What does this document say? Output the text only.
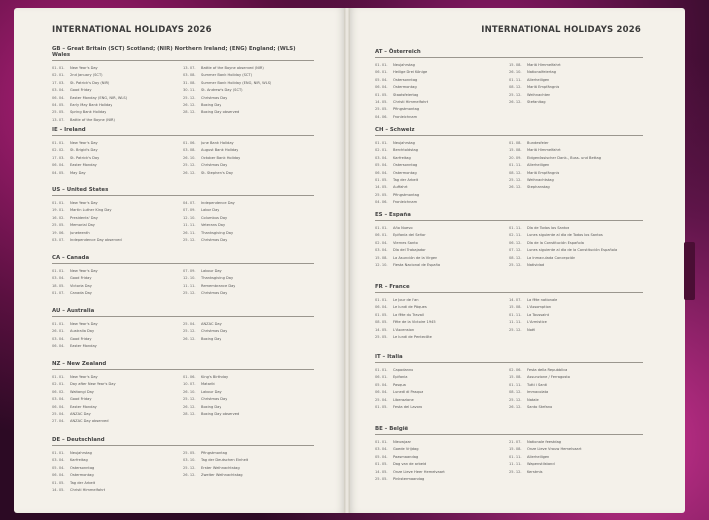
INTERNATIONAL HOLIDAYS 2026
GB – Great Britain (SCT) Scotland; (NIR) Northern Ireland; (ENG) England; (WLS) Wales
01. 01.	New Year's Day
02. 01.	2nd January (SCT)
17. 03.	St. Patrick's Day (NIR)
03. 04.	Good Friday
06. 04.	Easter Monday (ENG, NIR, WLS)
04. 05.	Early May Bank Holiday
25. 05.	Spring Bank Holiday
13. 07.	Battle of the Boyne (NIR)
13. 07.	Battle of the Boyne observed (NIR)
03. 08.	Summer Bank Holiday (SCT)
31. 08.	Summer Bank Holiday (ENG, NIR, WLS)
30. 11.	St. Andrew's Day (SCT)
25. 12.	Christmas Day
26. 12.	Boxing Day
28. 12.	Boxing Day observed
IE – Ireland
01. 01.	New Year's Day
02. 02.	St. Brigid's Day
17. 03.	St. Patrick's Day
06. 04.	Easter Monday
04. 05.	May Day
01. 06.	June Bank Holiday
03. 08.	August Bank Holiday
26. 10.	October Bank Holiday
25. 12.	Christmas Day
26. 12.	St. Stephen's Day
US – United States
01. 01.	New Year's Day
19. 01.	Martin Luther King Day
16. 02.	Presidents' Day
25. 05.	Memorial Day
19. 06.	Juneteenth
03. 07.	Independence Day observed
04. 07.	Independence Day
07. 09.	Labor Day
12. 10.	Columbus Day
11. 11.	Veterans Day
26. 11.	Thanksgiving Day
25. 12.	Christmas Day
CA – Canada
01. 01.	New Year's Day
03. 04.	Good Friday
18. 05.	Victoria Day
01. 07.	Canada Day
07. 09.	Labour Day
12. 10.	Thanksgiving Day
11. 11.	Remembrance Day
25. 12.	Christmas Day
AU – Australia
01. 01.	New Year's Day
26. 01.	Australia Day
03. 04.	Good Friday
06. 04.	Easter Monday
25. 04.	ANZAC Day
25. 12.	Christmas Day
26. 12.	Boxing Day
NZ – New Zealand
01. 01.	New Year's Day
02. 01.	Day after New Year's Day
06. 02.	Waitangi Day
03. 04.	Good Friday
06. 04.	Easter Monday
25. 04.	ANZAC Day
27. 04.	ANZAC Day observed
01. 06.	King's Birthday
10. 07.	Matariki
26. 10.	Labour Day
25. 12.	Christmas Day
26. 12.	Boxing Day
28. 12.	Boxing Day observed
DE – Deutschland
01. 01.	Neujahrstag
03. 04.	Karfreitag
05. 04.	Ostersonntag
06. 04.	Ostermontag
01. 05.	Tag der Arbeit
14. 05.	Christi Himmelfahrt
25. 05.	Pfingstmontag
03. 10.	Tag der Deutschen Einheit
25. 12.	Erster Weihnachtstag
26. 12.	Zweiter Weihnachtstag
INTERNATIONAL HOLIDAYS 2026
AT – Österreich
01. 01.	Neujahrstag
06. 01.	Heilige Drei Könige
05. 04.	Ostersonntag
06. 04.	Ostermontag
01. 05.	Staatsfeiertag
14. 05.	Christi Himmelfahrt
25. 05.	Pfingstmontag
04. 06.	Fronleichnam
15. 08.	Mariä Himmelfahrt
26. 10.	Nationalfeiertag
01. 11.	Allerheiligen
08. 12.	Mariä Empfängnis
25. 12.	Weihnachten
26. 12.	Stefanitag
CH – Schweiz
01. 01.	Neujahrstag
02. 01.	Berchtoldstag
03. 04.	Karfreitag
05. 04.	Ostersonntag
06. 04.	Ostermontag
01. 05.	Tag der Arbeit
14. 05.	Auffahrt
25. 05.	Pfingstmontag
04. 06.	Fronleichnam
01. 08.	Bundesfeier
15. 08.	Mariä Himmelfahrt
20. 09.	Eidgenössischer Dank-, Buss- und Bettag
01. 11.	Allerheiligen
08. 12.	Mariä Empfängnis
25. 12.	Weihnachtstag
26. 12.	Stephanstag
ES – España
01. 01.	Año Nuevo
06. 01.	Epifanía del Señor
02. 04.	Viernes Santo
03. 04.	Día del Trabajador
15. 08.	La Asunción de la Virgen
12. 10.	Fiesta Nacional de España
01. 11.	Día de Todos los Santos
02. 11.	Lunes siguiente al día de Todos los Santos
06. 12.	Día de la Constitución Española
07. 12.	Lunes siguiente al día de la Constitución Española
08. 12.	La Inmaculada Concepción
25. 12.	Natividad
FR – France
01. 01.	Le Jour de l'an
06. 04.	Le lundi de Pâques
01. 05.	La fête du Travail
08. 05.	Fête de la Victoire 1945
14. 05.	L'Ascension
25. 05.	Le lundi de Pentecôte
14. 07.	La fête nationale
15. 08.	L'Assomption
01. 11.	La Toussaint
11. 11.	L'Armistice
25. 12.	Noël
IT – Italia
01. 01.	Capodanno
06. 01.	Epifania
05. 04.	Pasqua
06. 04.	Lunedì di Pasqua
25. 04.	Liberazione
01. 05.	Festa del Lavoro
02. 06.	Festa della Repubblica
15. 08.	Assunzione / Ferragosto
01. 11.	Tutti i Santi
08. 12.	Immacolata
25. 12.	Natale
26. 12.	Santo Stefano
BE – België
01. 01.	Nieuwjaar
03. 04.	Goede Vrijdag
05. 04.	Paasmaandag
01. 05.	Dag van de arbeid
14. 05.	Onze Lieve Heer Hemelvaart
25. 05.	Pinkstermaandag
21. 07.	Nationale feestdag
15. 08.	Onze Lieve Vrouw Hemelvaart
01. 11.	Allerheiligen
11. 11.	Wapenstilstand
25. 12.	Kerstmis
